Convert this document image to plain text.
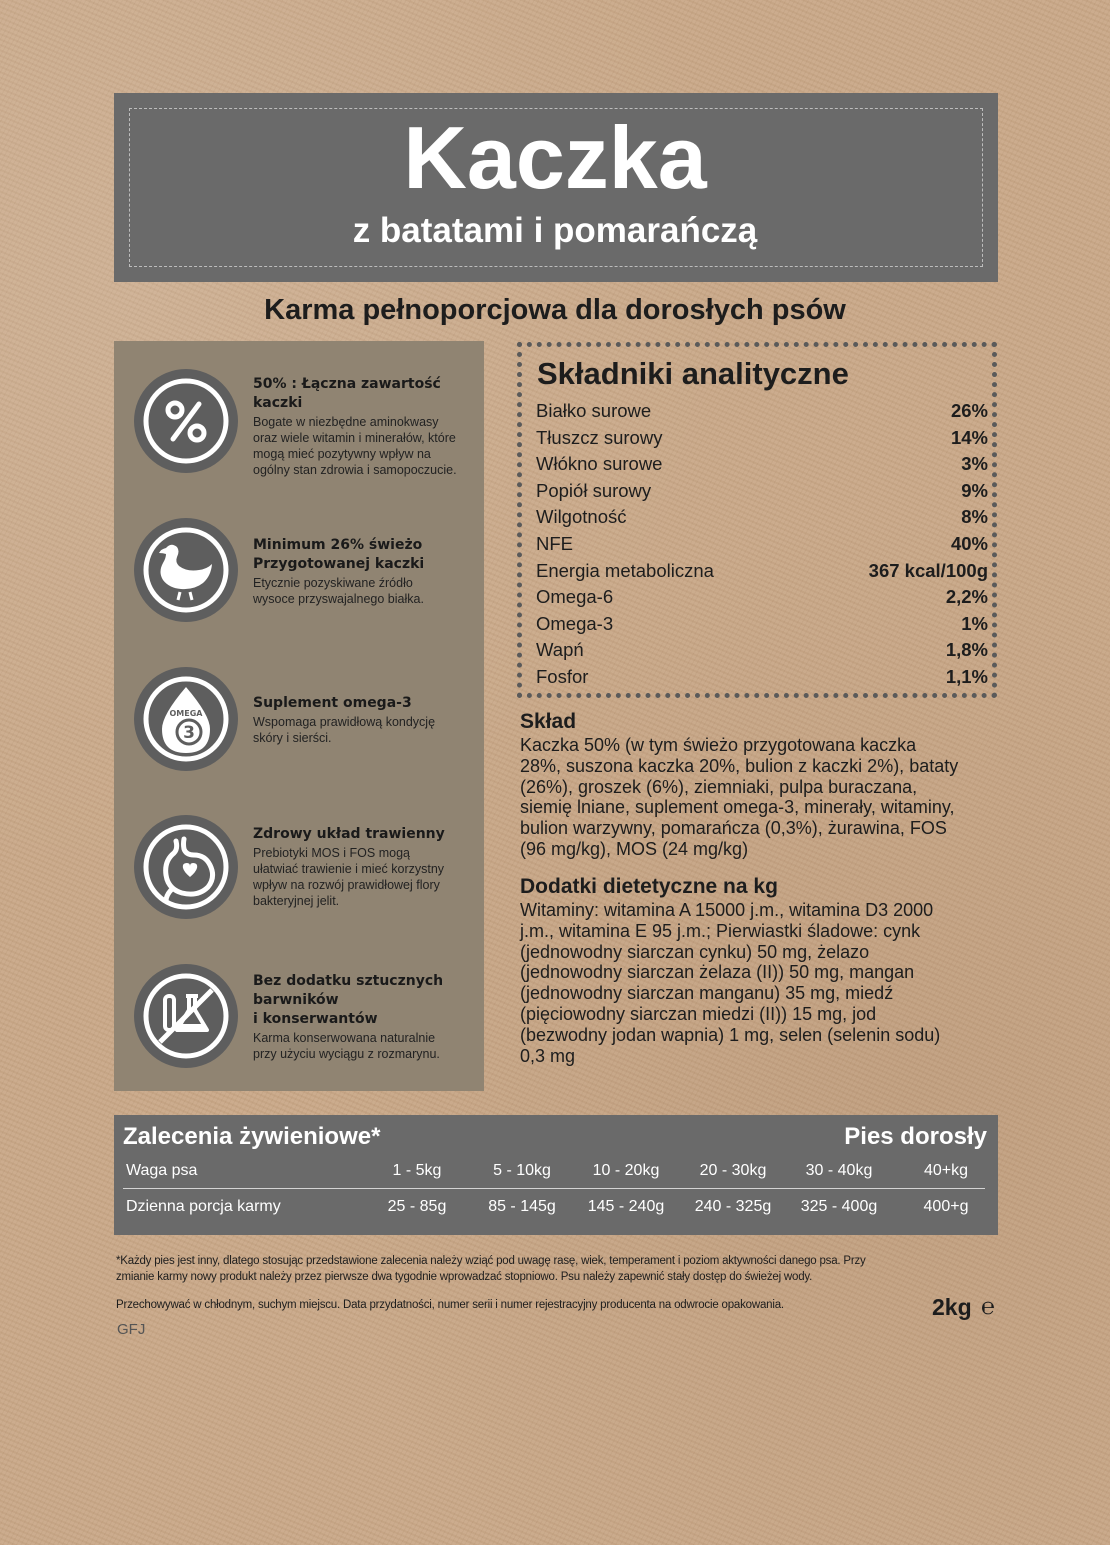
Kaczka
z batatami i pomarańczą
Karma pełnoporcjowa dla dorosłych psów
50% : Łączna zawartość
kaczki
Bogate w niezbędne aminokwasy
oraz wiele witamin i minerałów, które
mogą mieć pozytywny wpływ na
ogólny stan zdrowia i samopoczucie.
Minimum 26% świeżo
Przygotowanej kaczki
Etycznie pozyskiwane źródło
wysoce przyswajalnego białka.
OMEGA
3
Suplement omega-3
Wspomaga prawidłową kondycję
skóry i sierści.
Zdrowy układ trawienny
Prebiotyki MOS i FOS mogą
ułatwiać trawienie i mieć korzystny
wpływ na rozwój prawidłowej flory
bakteryjnej jelit.
Bez dodatku sztucznych
barwników
i konserwantów
Karma konserwowana naturalnie
przy użyciu wyciągu z rozmarynu.
Składniki analityczne
Białko surowe	26%
Tłuszcz surowy	14%
Włókno surowe	3%
Popiół surowy	9%
Wilgotność	8%
NFE	40%
Energia metaboliczna	367 kcal/100g
Omega-6	2,2%
Omega-3	1%
Wapń	1,8%
Fosfor	1,1%
Skład
Kaczka 50% (w tym świeżo przygotowana kaczka
28%, suszona kaczka 20%, bulion z kaczki 2%), bataty
(26%), groszek (6%), ziemniaki, pulpa buraczana,
siemię lniane, suplement omega-3, minerały, witaminy,
bulion warzywny, pomarańcza (0,3%), żurawina, FOS
(96 mg/kg), MOS (24 mg/kg)
Dodatki dietetyczne na kg
Witaminy: witamina A 15000 j.m., witamina D3 2000
j.m., witamina E 95 j.m.; Pierwiastki śladowe: cynk
(jednowodny siarczan cynku) 50 mg, żelazo
(jednowodny siarczan żelaza (II)) 50 mg, mangan
(jednowodny siarczan manganu) 35 mg, miedź
(pięciowodny siarczan miedzi (II)) 15 mg, jod
(bezwodny jodan wapnia) 1 mg, selen (selenin sodu)
0,3 mg
Zalecenia żywieniowe*	Pies dorosły
Waga psa	1 - 5kg	5 - 10kg	10 - 20kg	20 - 30kg	30 - 40kg	40+kg
Dzienna porcja karmy	25 - 85g	85 - 145g	145 - 240g	240 - 325g	325 - 400g	400+g
*Każdy pies jest inny, dlatego stosując przedstawione zalecenia należy wziąć pod uwagę rasę, wiek, temperament i poziom aktywności danego psa. Przy
zmianie karmy nowy produkt należy przez pierwsze dwa tygodnie wprowadzać stopniowo. Psu należy zapewnić stały dostęp do świeżej wody.
Przechowywać w chłodnym, suchym miejscu. Data przydatności, numer serii i numer rejestracyjny producenta na odwrocie opakowania.	2kg ℮
GFJ
